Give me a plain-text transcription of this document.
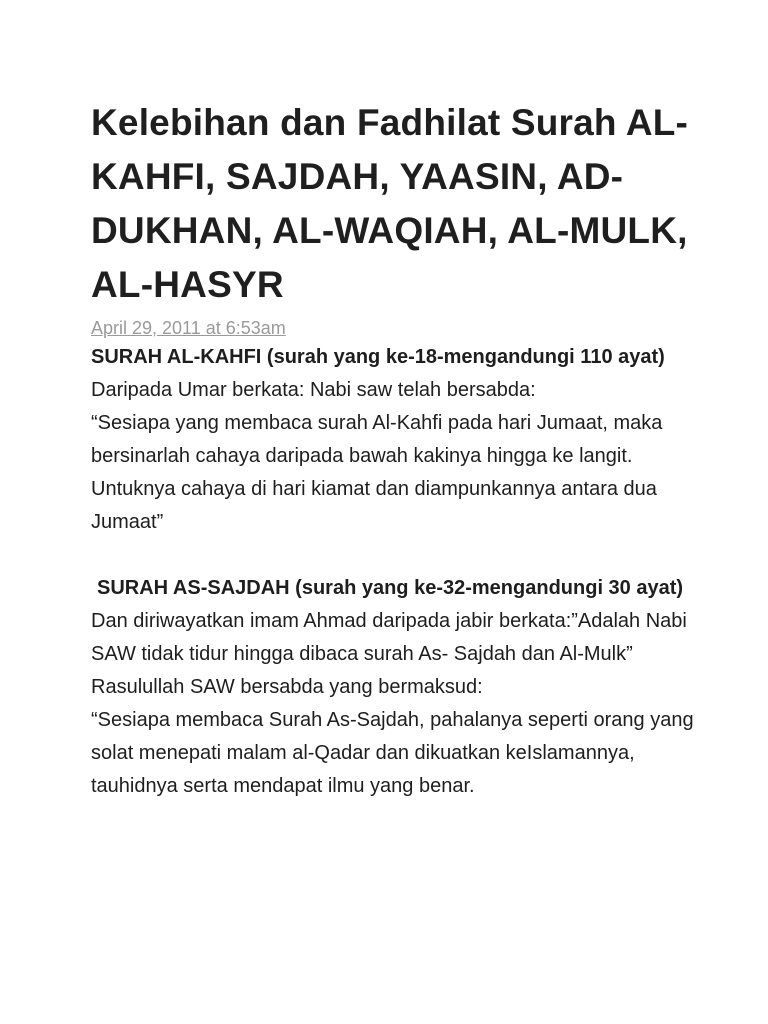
Kelebihan dan Fadhilat Surah AL-KAHFI, SAJDAH, YAASIN, AD-DUKHAN, AL-WAQIAH, AL-MULK, AL-HASYR
April 29, 2011 at 6:53am

SURAH AL-KAHFI (surah yang ke-18-mengandungi 110 ayat)

Daripada Umar berkata: Nabi saw telah bersabda:

“Sesiapa yang membaca surah Al-Kahfi pada hari Jumaat, maka bersinarlah cahaya daripada bawah kakinya hingga ke langit. Untuknya cahaya di hari kiamat dan diampunkannya antara dua Jumaat”

SURAH AS-SAJDAH (surah yang ke-32-mengandungi 30 ayat)

Dan diriwayatkan imam Ahmad daripada jabir berkata:”Adalah Nabi SAW tidak tidur hingga dibaca surah As- Sajdah dan Al-Mulk”

Rasulullah SAW bersabda yang bermaksud:

“Sesiapa membaca Surah As-Sajdah, pahalanya seperti orang yang solat menepati malam al-Qadar dan dikuatkan keIslamannya, tauhidnya serta mendapat ilmu yang benar.
